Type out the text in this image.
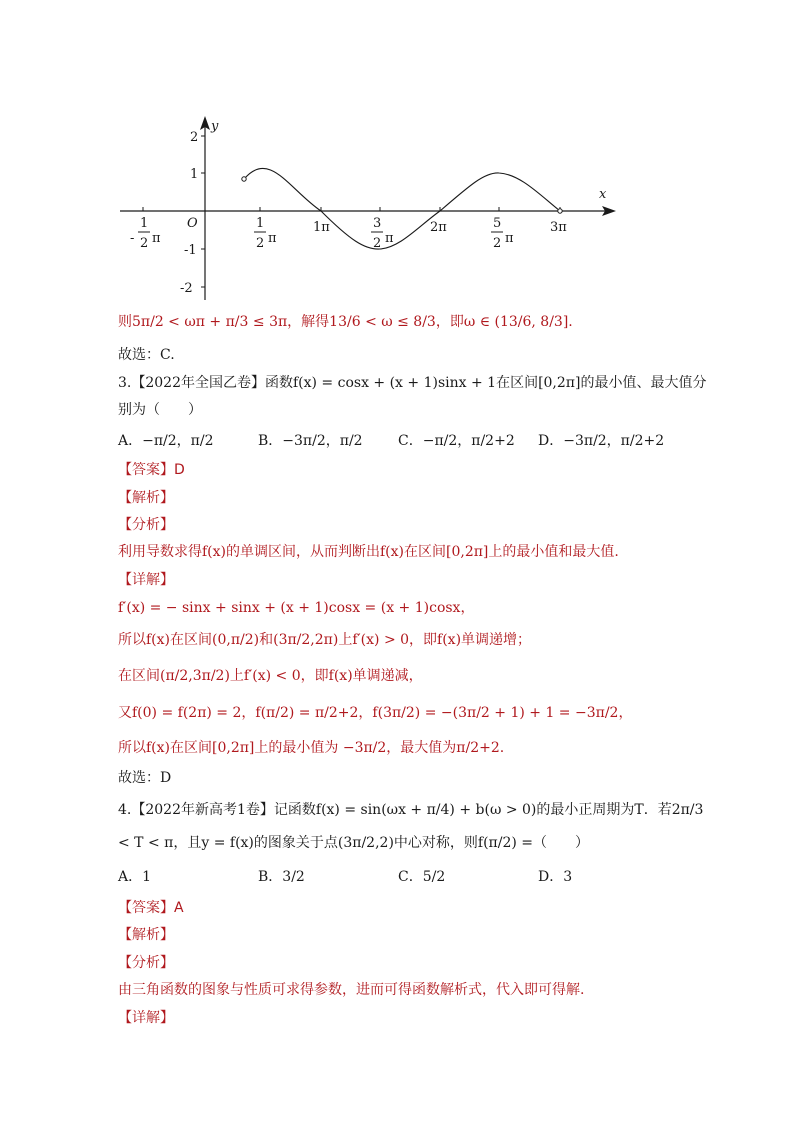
x
y
O
2
1
-1
-2
-
1
2 π
1
2 π
1π	3
2 π
2π	5
2 π
3π
则5π/2 < ωπ + π/3 ≤ 3π，解得13/6 < ω ≤ 8/3，即ω ∈ (13/6, 8/3].
故选：C.
3.【2022年全国乙卷】函数f(x) = cosx + (x + 1)sinx + 1在区间[0,2π]的最小值、最大值分
别为（　　）
A．−π/2，π/2	B．−3π/2，π/2	C．−π/2，π/2+2 D．−3π/2，π/2+2
【答案】D
【解析】
【分析】
利用导数求得f(x)的单调区间，从而判断出f(x)在区间[0,2π]上的最小值和最大值.
【详解】
f′(x) = − sinx + sinx + (x + 1)cosx = (x + 1)cosx，
所以f(x)在区间(0,π/2)和(3π/2,2π)上f′(x) > 0，即f(x)单调递增；
在区间(π/2,3π/2)上f′(x) < 0，即f(x)单调递减，
又f(0) = f(2π) = 2，f(π/2) = π/2+2，f(3π/2) = −(3π/2 + 1) + 1 = −3π/2，
所以f(x)在区间[0,2π]上的最小值为 −3π/2，最大值为π/2+2.
故选：D
4.【2022年新高考1卷】记函数f(x) = sin(ωx + π/4) + b(ω > 0)的最小正周期为T．若2π/3
< T < π，且y = f(x)的图象关于点(3π/2,2)中心对称，则f(π/2) =（　　）
A．1	B．3/2	C．5/2	D．3
【答案】A
【解析】
【分析】
由三角函数的图象与性质可求得参数，进而可得函数解析式，代入即可得解.
【详解】
